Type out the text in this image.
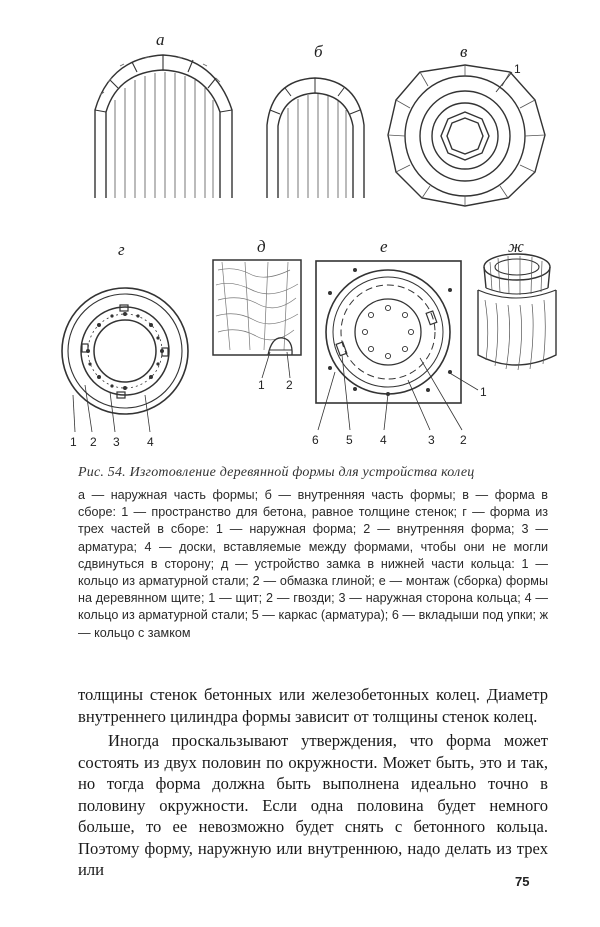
а
б	в
г	д	е	ж
1
1 2 3 4
1 2	1
2
3
4
5
6
Рис. 54. Изготовление деревянной формы для устройства колец

а — наружная часть формы; б — внутренняя часть формы; в — форма в сборе: 1 — пространство для бетона, равное толщине стенок; г — форма из трех частей в сборе: 1 — наружная форма; 2 — внутренняя форма; 3 — арматура; 4 — доски, вставляемые между формами, чтобы они не могли сдвинуться в сторону; д — устройство замка в нижней части кольца: 1 — кольцо из арматурной стали; 2 — обмазка глиной; е — монтаж (сборка) формы на деревянном щите; 1 — щит; 2 — гвозди; 3 — наружная сторона кольца; 4 — кольцо из арматурной стали; 5 — каркас (арматура); 6 — вкладыши под упки; ж — кольцо с замком

толщины стенок бетонных или железобетонных колец. Диаметр внутреннего цилиндра формы зависит от толщины стенок колец.

Иногда проскальзывают утверждения, что форма может состоять из двух половин по окружности. Может быть, это и так, но тогда форма должна быть выполнена идеально точно в половину окружности. Если одна половина будет немного больше, то ее невозможно будет снять с бетонного кольца. Поэтому форму, наружную или внутреннюю, надо делать из трех или

75
